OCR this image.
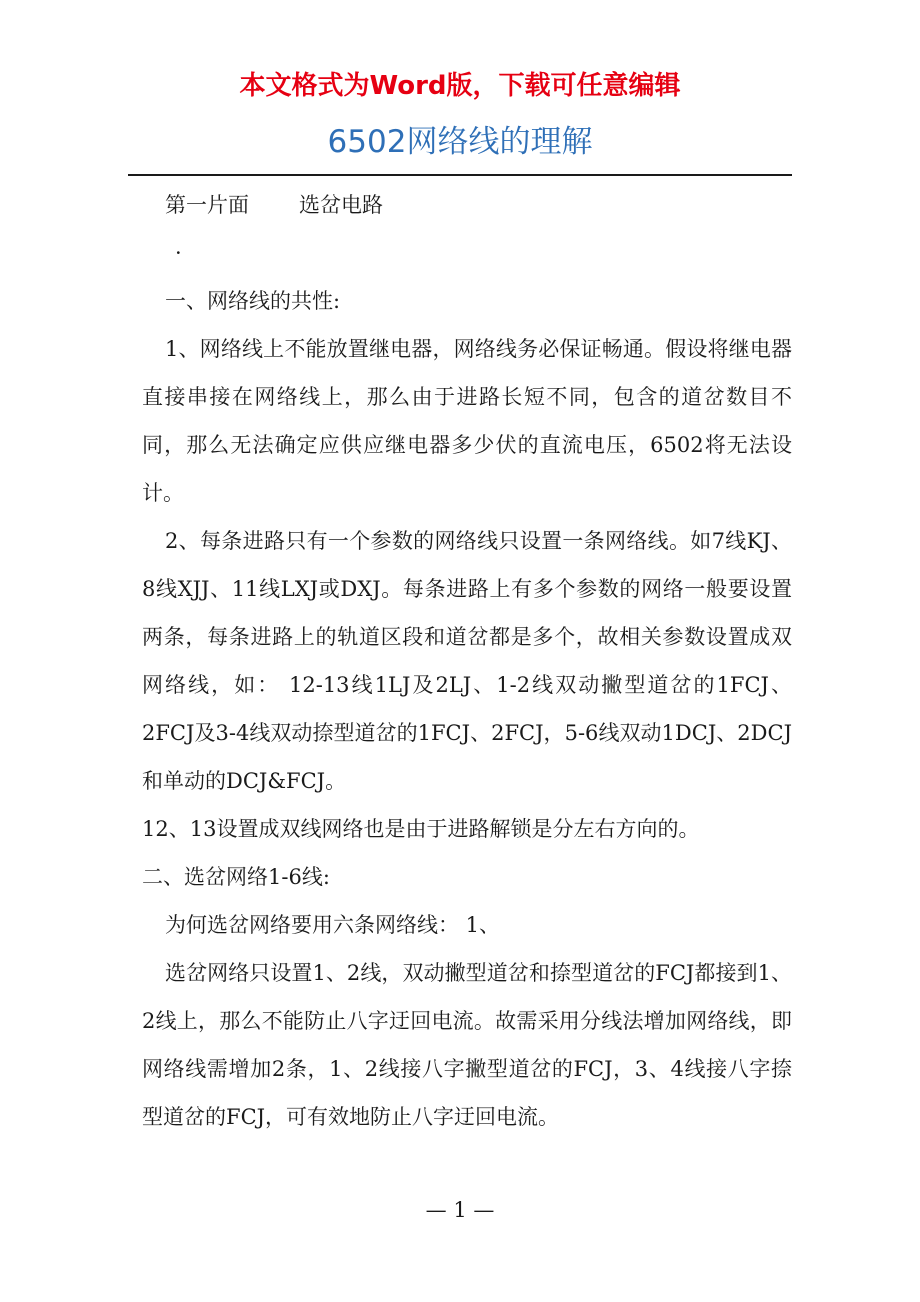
本文格式为Word版，下载可任意编辑
6502网络线的理解

第一片面 选岔电路

·

一、网络线的共性:

1、网络线上不能放置继电器，网络线务必保证畅通。假设将继电器直接串接在网络线上，那么由于进路长短不同，包含的道岔数目不同，那么无法确定应供应继电器多少伏的直流电压，6502将无法设计。

2、每条进路只有一个参数的网络线只设置一条网络线。如7线KJ、8线XJJ、11线LXJ或DXJ。每条进路上有多个参数的网络一般要设置两条，每条进路上的轨道区段和道岔都是多个，故相关参数设置成双网络线，如： 12-13线1LJ及2LJ、1-2线双动撇型道岔的1FCJ、2FCJ及3-4线双动捺型道岔的1FCJ、2FCJ，5-6线双动1DCJ、2DCJ和单动的DCJ&FCJ。

12、13设置成双线网络也是由于进路解锁是分左右方向的。

二、选岔网络1-6线:

为何选岔网络要用六条网络线： 1、

选岔网络只设置1、2线，双动撇型道岔和捺型道岔的FCJ都接到1、2线上，那么不能防止八字迂回电流。故需采用分线法增加网络线，即网络线需增加2条，1、2线接八字撇型道岔的FCJ，3、4线接八字捺型道岔的FCJ，可有效地防止八字迂回电流。

— 1 —
